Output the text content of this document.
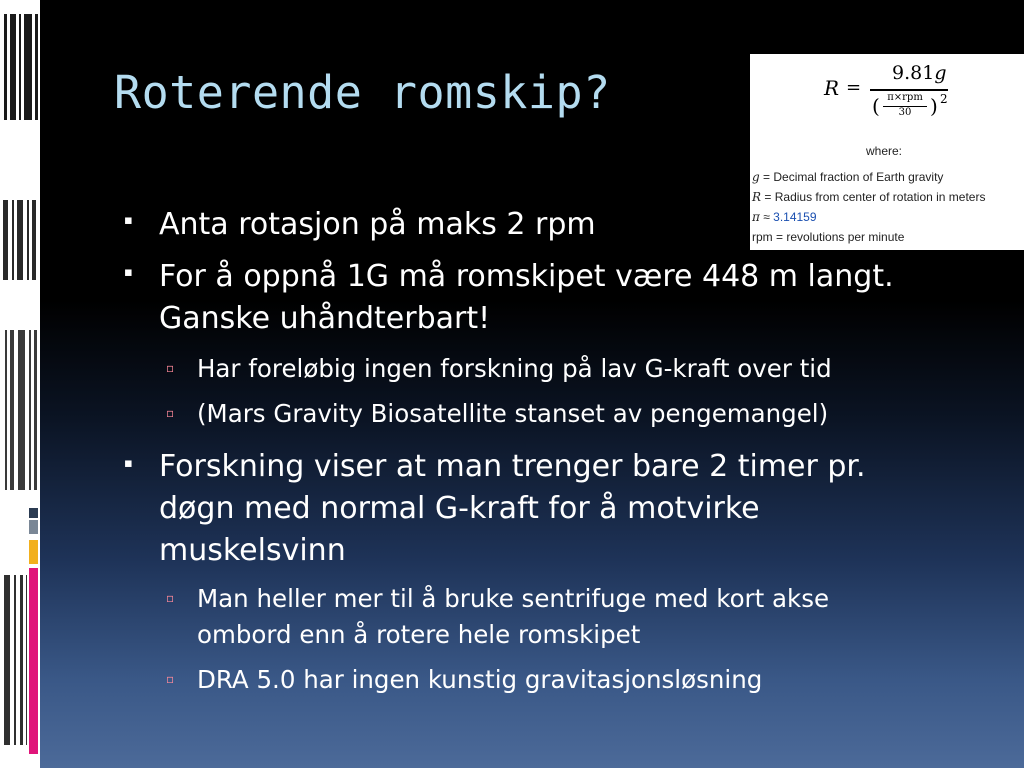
Roterende romskip?	R =
9.81g
( π×rpm
30 ) 2
where:
g = Decimal fraction of Earth gravity
R = Radius from center of rotation in meters
π ≈ 3.14159
rpm = revolutions per minute
▪ Anta rotasjon på maks 2 rpm
▪ For å oppnå 1G må romskipet være 448 m langt.
Ganske uhåndterbart!
▫ Har foreløbig ingen forskning på lav G-kraft over tid
▫ (Mars Gravity Biosatellite stanset av pengemangel)
▪ Forskning viser at man trenger bare 2 timer pr.
døgn med normal G-kraft for å motvirke
muskelsvinn
▫ Man heller mer til å bruke sentrifuge med kort akse
ombord enn å rotere hele romskipet
▫ DRA 5.0 har ingen kunstig gravitasjonsløsning
